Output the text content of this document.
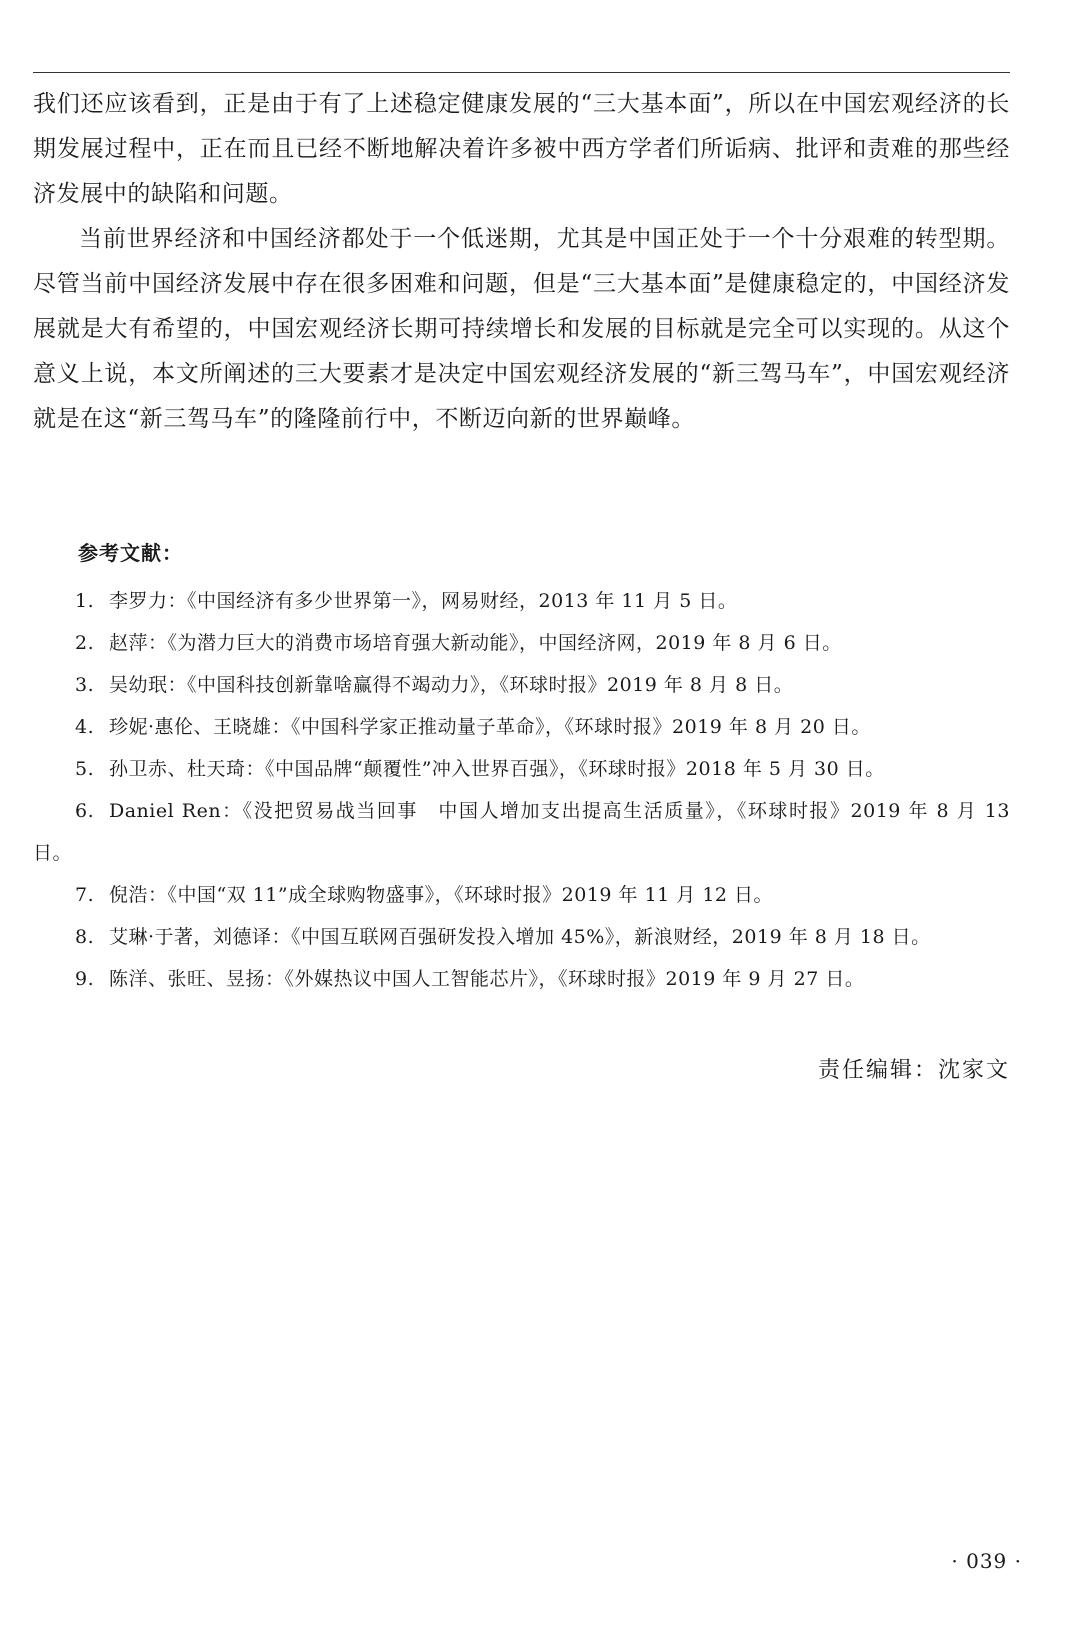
我们还应该看到，正是由于有了上述稳定健康发展的“三大基本面”，所以在中国宏观经济的长期发展过程中，正在而且已经不断地解决着许多被中西方学者们所诟病、批评和责难的那些经济发展中的缺陷和问题。

当前世界经济和中国经济都处于一个低迷期，尤其是中国正处于一个十分艰难的转型期。尽管当前中国经济发展中存在很多困难和问题，但是“三大基本面”是健康稳定的，中国经济发展就是大有希望的，中国宏观经济长期可持续增长和发展的目标就是完全可以实现的。从这个意义上说，本文所阐述的三大要素才是决定中国宏观经济发展的“新三驾马车”，中国宏观经济就是在这“新三驾马车”的隆隆前行中，不断迈向新的世界巅峰。

参考文献：

1. 李罗力：《中国经济有多少世界第一》，网易财经，2013 年 11 月 5 日。

2. 赵萍：《为潜力巨大的消费市场培育强大新动能》，中国经济网，2019 年 8 月 6 日。

3. 吴幼珉：《中国科技创新靠啥赢得不竭动力》，《环球时报》2019 年 8 月 8 日。

4. 珍妮·惠伦、王晓雄：《中国科学家正推动量子革命》，《环球时报》2019 年 8 月 20 日。

5. 孙卫赤、杜天琦：《中国品牌“颠覆性”冲入世界百强》，《环球时报》2018 年 5 月 30 日。

6. Daniel Ren：《没把贸易战当回事　中国人增加支出提高生活质量》，《环球时报》2019 年 8 月 13 日。

7. 倪浩：《中国“双 11”成全球购物盛事》，《环球时报》2019 年 11 月 12 日。

8. 艾琳·于著，刘德译：《中国互联网百强研发投入增加 45%》，新浪财经，2019 年 8 月 18 日。

9. 陈洋、张旺、昱扬：《外媒热议中国人工智能芯片》，《环球时报》2019 年 9 月 27 日。

责任编辑：沈家文
· 039 ·
